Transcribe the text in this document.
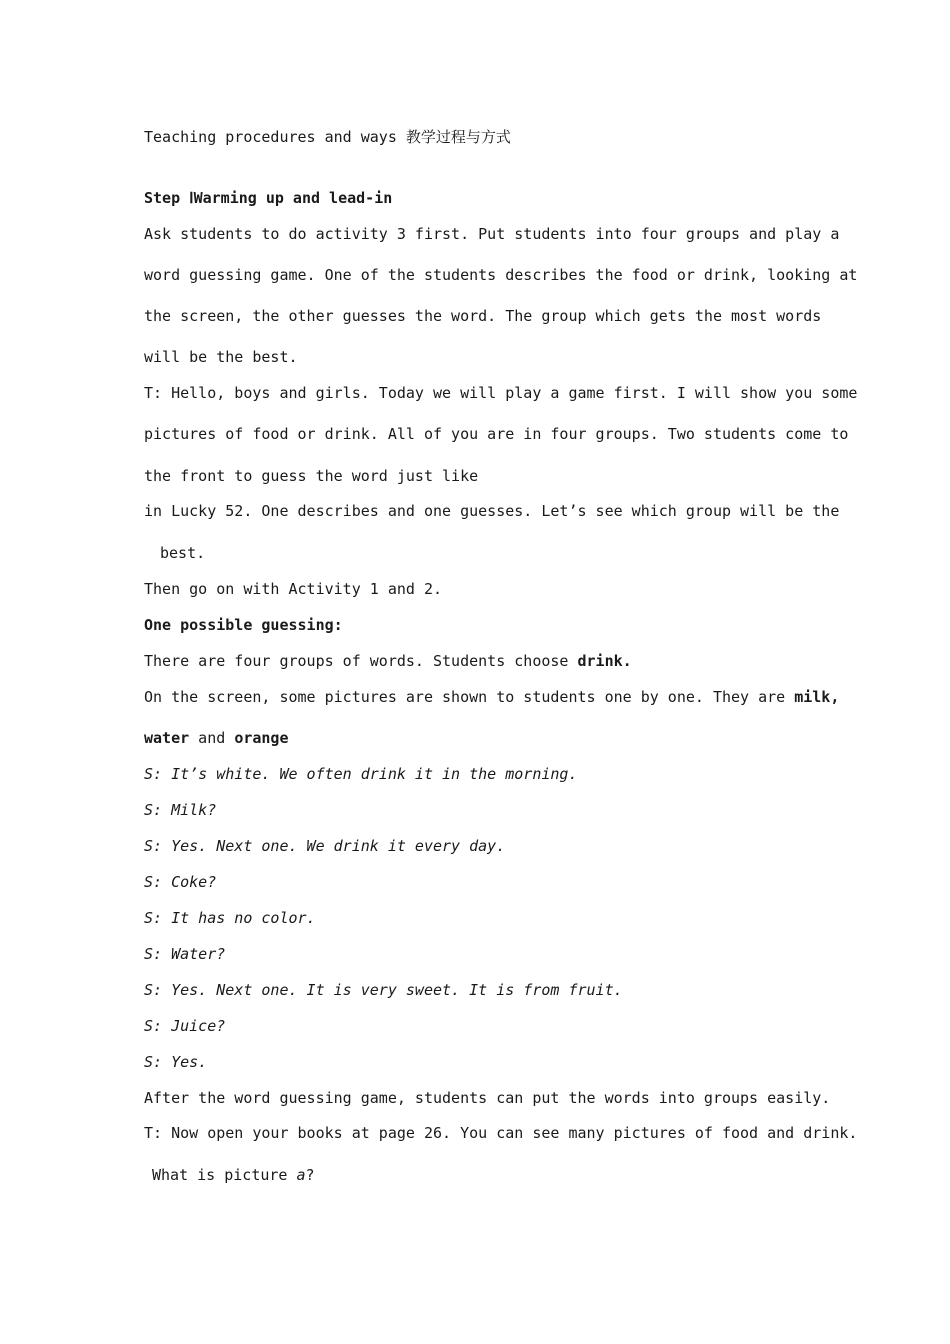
Teaching procedures and ways 教学过程与方式
Step ⅠWarming up and lead-in
Ask students to do activity 3 first. Put students into four groups and play a
word guessing game. One of the students describes the food or drink, looking at
the screen, the other guesses the word. The group which gets the most words
will be the best.
T: Hello, boys and girls. Today we will play a game first. I will show you some
pictures of food or drink. All of you are in four groups. Two students come to
the front to guess the word just like
in Lucky 52. One describes and one guesses. Let’s see which group will be the
best.
Then go on with Activity 1 and 2.
One possible guessing:
There are four groups of words. Students choose drink.
On the screen, some pictures are shown to students one by one. They are milk,
water and orange
S: It’s white. We often drink it in the morning.
S: Milk?
S: Yes. Next one. We drink it every day.
S: Coke?
S: It has no color.
S: Water?
S: Yes. Next one. It is very sweet. It is from fruit.
S: Juice?
S: Yes.
After the word guessing game, students can put the words into groups easily.
T: Now open your books at page 26. You can see many pictures of food and drink.
What is picture a?
